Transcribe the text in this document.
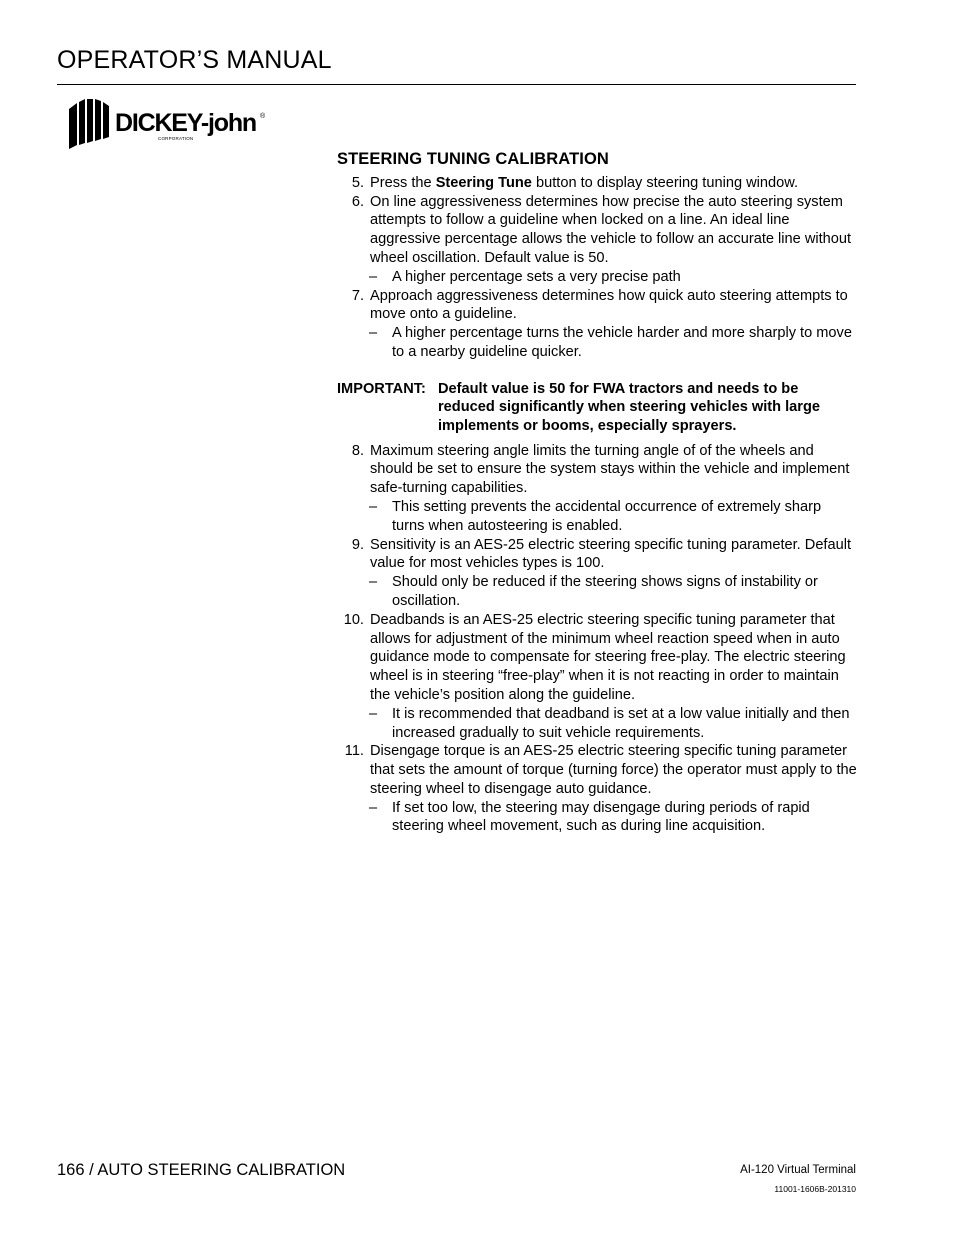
OPERATOR’S MANUAL
DICKEY-john ®
CORPORATION
STEERING TUNING CALIBRATION
5. Press the Steering Tune button to display steering tuning window.
6. On line aggressiveness determines how precise the auto steering system attempts to follow a guideline when locked on a line. An ideal line aggressive percentage allows the vehicle to follow an accurate line without wheel oscillation. Default value is 50.
– A higher percentage sets a very precise path
7. Approach aggressiveness determines how quick auto steering attempts to move onto a guideline.
– A higher percentage turns the vehicle harder and more sharply to move to a nearby guideline quicker.
IMPORTANT: Default value is 50 for FWA tractors and needs to be reduced significantly when steering vehicles with large implements or booms, especially sprayers.
8. Maximum steering angle limits the turning angle of of the wheels and should be set to ensure the system stays within the vehicle and implement safe-turning capabilities.
– This setting prevents the accidental occurrence of extremely sharp turns when autosteering is enabled.
9. Sensitivity is an AES-25 electric steering specific tuning parameter. Default value for most vehicles types is 100.
– Should only be reduced if the steering shows signs of instability or oscillation.
10. Deadbands is an AES-25 electric steering specific tuning parameter that allows for adjustment of the minimum wheel reaction speed when in auto guidance mode to compensate for steering free-play. The electric steering wheel is in steering “free-play” when it is not reacting in order to maintain the vehicle’s position along the guideline.
– It is recommended that deadband is set at a low value initially and then increased gradually to suit vehicle requirements.
11. Disengage torque is an AES-25 electric steering specific tuning parameter that sets the amount of torque (turning force) the operator must apply to the steering wheel to disengage auto guidance.
– If set too low, the steering may disengage during periods of rapid steering wheel movement, such as during line acquisition.
166 / AUTO STEERING CALIBRATION	AI-120 Virtual Terminal
11001-1606B-201310
